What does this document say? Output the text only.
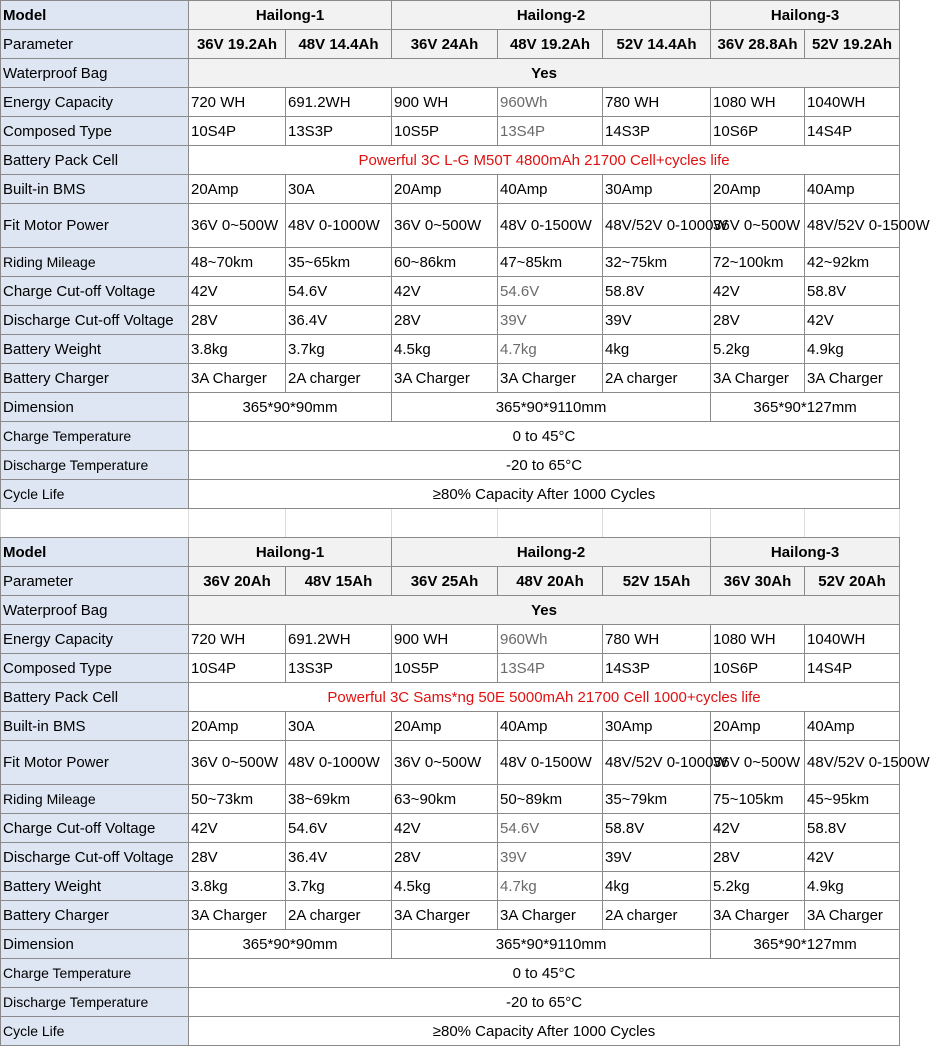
Model	Hailong-1		Hailong-2			Hailong-3	
Parameter	36V 19.2Ah	48V 14.4Ah	36V 24Ah	48V 19.2Ah	52V 14.4Ah	36V 28.8Ah	52V 19.2Ah
Waterproof Bag	Yes						
Energy Capacity	720 WH	691.2WH	900 WH	960Wh	780 WH	1080 WH	1040WH
Composed Type	10S4P	13S3P	10S5P	13S4P	14S3P	10S6P	14S4P
Battery Pack Cell	Powerful 3C L-G M50T 4800mAh 21700 Cell+cycles life						
Built-in BMS	20Amp	30A	20Amp	40Amp	30Amp	20Amp	40Amp
Fit Motor Power	36V 0~500W	48V 0-1000W	36V 0~500W	48V 0-1500W	48V/52V 0-1000W	36V 0~500W	48V/52V 0-1500W
Riding Mileage	48~70km	35~65km	60~86km	47~85km	32~75km	72~100km	42~92km
Charge Cut-off Voltage	42V	54.6V	42V	54.6V	58.8V	42V	58.8V
Discharge Cut-off Voltage	28V	36.4V	28V	39V	39V	28V	42V
Battery Weight	3.8kg	3.7kg	4.5kg	4.7kg	4kg	5.2kg	4.9kg
Battery Charger	3A Charger	2A charger	3A Charger	3A Charger	2A charger	3A Charger	3A Charger
Dimension	365*90*90mm		365*90*9110mm			365*90*127mm	
Charge Temperature	0 to 45°C						
Discharge Temperature	-20 to 65°C						
Cycle Life	≥80% Capacity After 1000 Cycles						

Model	Hailong-1		Hailong-2			Hailong-3	
Parameter	36V 20Ah	48V 15Ah	36V 25Ah	48V 20Ah	52V 15Ah	36V 30Ah	52V 20Ah
Waterproof Bag	Yes						
Energy Capacity	720 WH	691.2WH	900 WH	960Wh	780 WH	1080 WH	1040WH
Composed Type	10S4P	13S3P	10S5P	13S4P	14S3P	10S6P	14S4P
Battery Pack Cell	Powerful 3C Sams*ng 50E 5000mAh 21700 Cell 1000+cycles life						
Built-in BMS	20Amp	30A	20Amp	40Amp	30Amp	20Amp	40Amp
Fit Motor Power	36V 0~500W	48V 0-1000W	36V 0~500W	48V 0-1500W	48V/52V 0-1000W	36V 0~500W	48V/52V 0-1500W
Riding Mileage	50~73km	38~69km	63~90km	50~89km	35~79km	75~105km	45~95km
Charge Cut-off Voltage	42V	54.6V	42V	54.6V	58.8V	42V	58.8V
Discharge Cut-off Voltage	28V	36.4V	28V	39V	39V	28V	42V
Battery Weight	3.8kg	3.7kg	4.5kg	4.7kg	4kg	5.2kg	4.9kg
Battery Charger	3A Charger	2A charger	3A Charger	3A Charger	2A charger	3A Charger	3A Charger
Dimension	365*90*90mm		365*90*9110mm			365*90*127mm	
Charge Temperature	0 to 45°C						
Discharge Temperature	-20 to 65°C						
Cycle Life	≥80% Capacity After 1000 Cycles						
